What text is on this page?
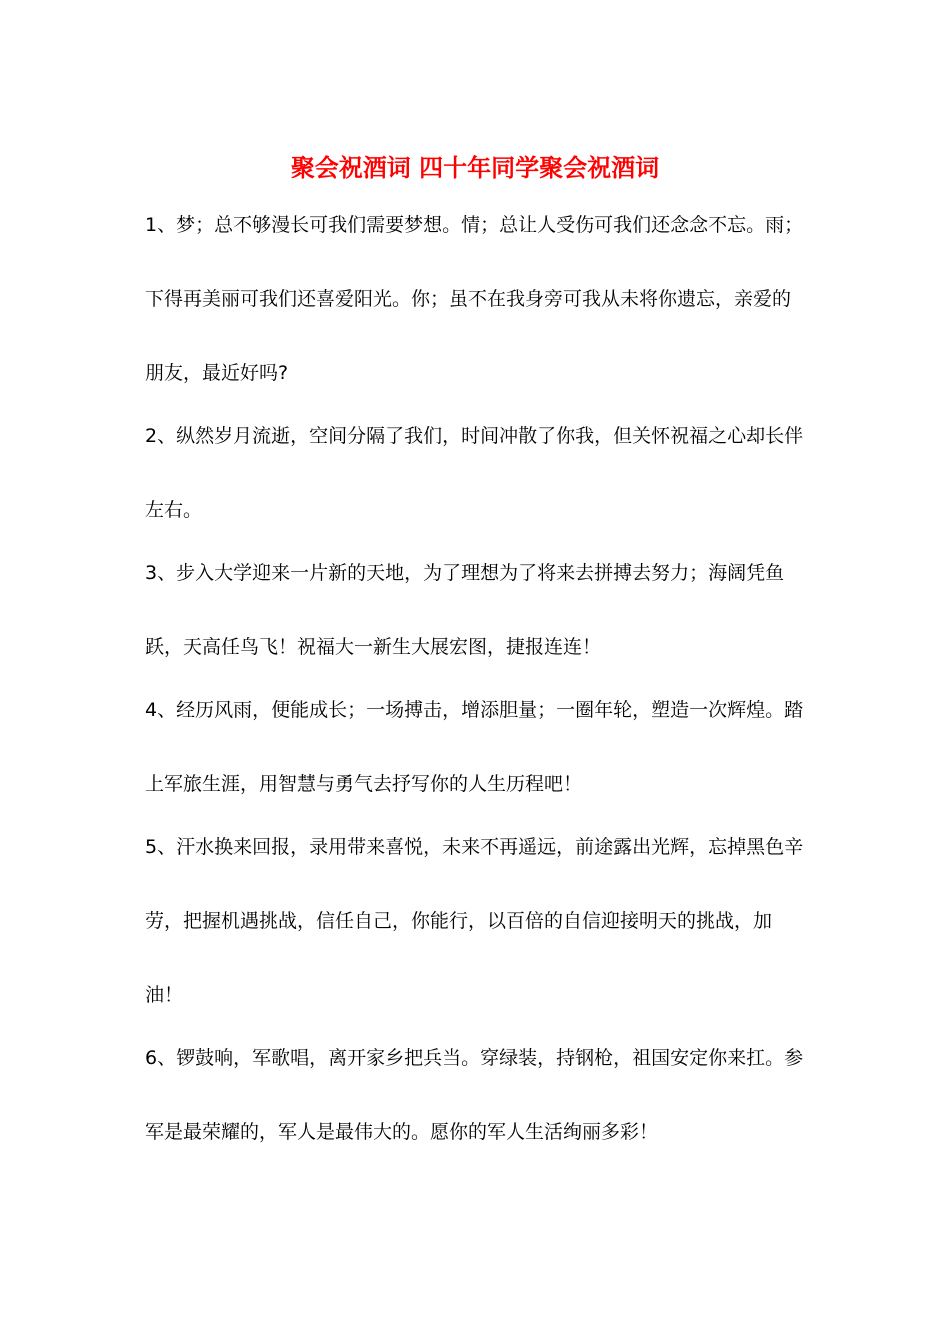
聚会祝酒词 四十年同学聚会祝酒词

1、梦；总不够漫长可我们需要梦想。情；总让人受伤可我们还念念不忘。雨；下得再美丽可我们还喜爱阳光。你；虽不在我身旁可我从未将你遗忘，亲爱的朋友，最近好吗?

2、纵然岁月流逝，空间分隔了我们，时间冲散了你我，但关怀祝福之心却长伴左右。

3、步入大学迎来一片新的天地，为了理想为了将来去拼搏去努力；海阔凭鱼跃，天高任鸟飞！祝福大一新生大展宏图，捷报连连！

4、经历风雨，便能成长；一场搏击，增添胆量；一圈年轮，塑造一次辉煌。踏上军旅生涯，用智慧与勇气去抒写你的人生历程吧！

5、汗水换来回报，录用带来喜悦，未来不再遥远，前途露出光辉，忘掉黑色辛劳，把握机遇挑战，信任自己，你能行，以百倍的自信迎接明天的挑战，加油！

6、锣鼓响，军歌唱，离开家乡把兵当。穿绿装，持钢枪，祖国安定你来扛。参军是最荣耀的，军人是最伟大的。愿你的军人生活绚丽多彩！
